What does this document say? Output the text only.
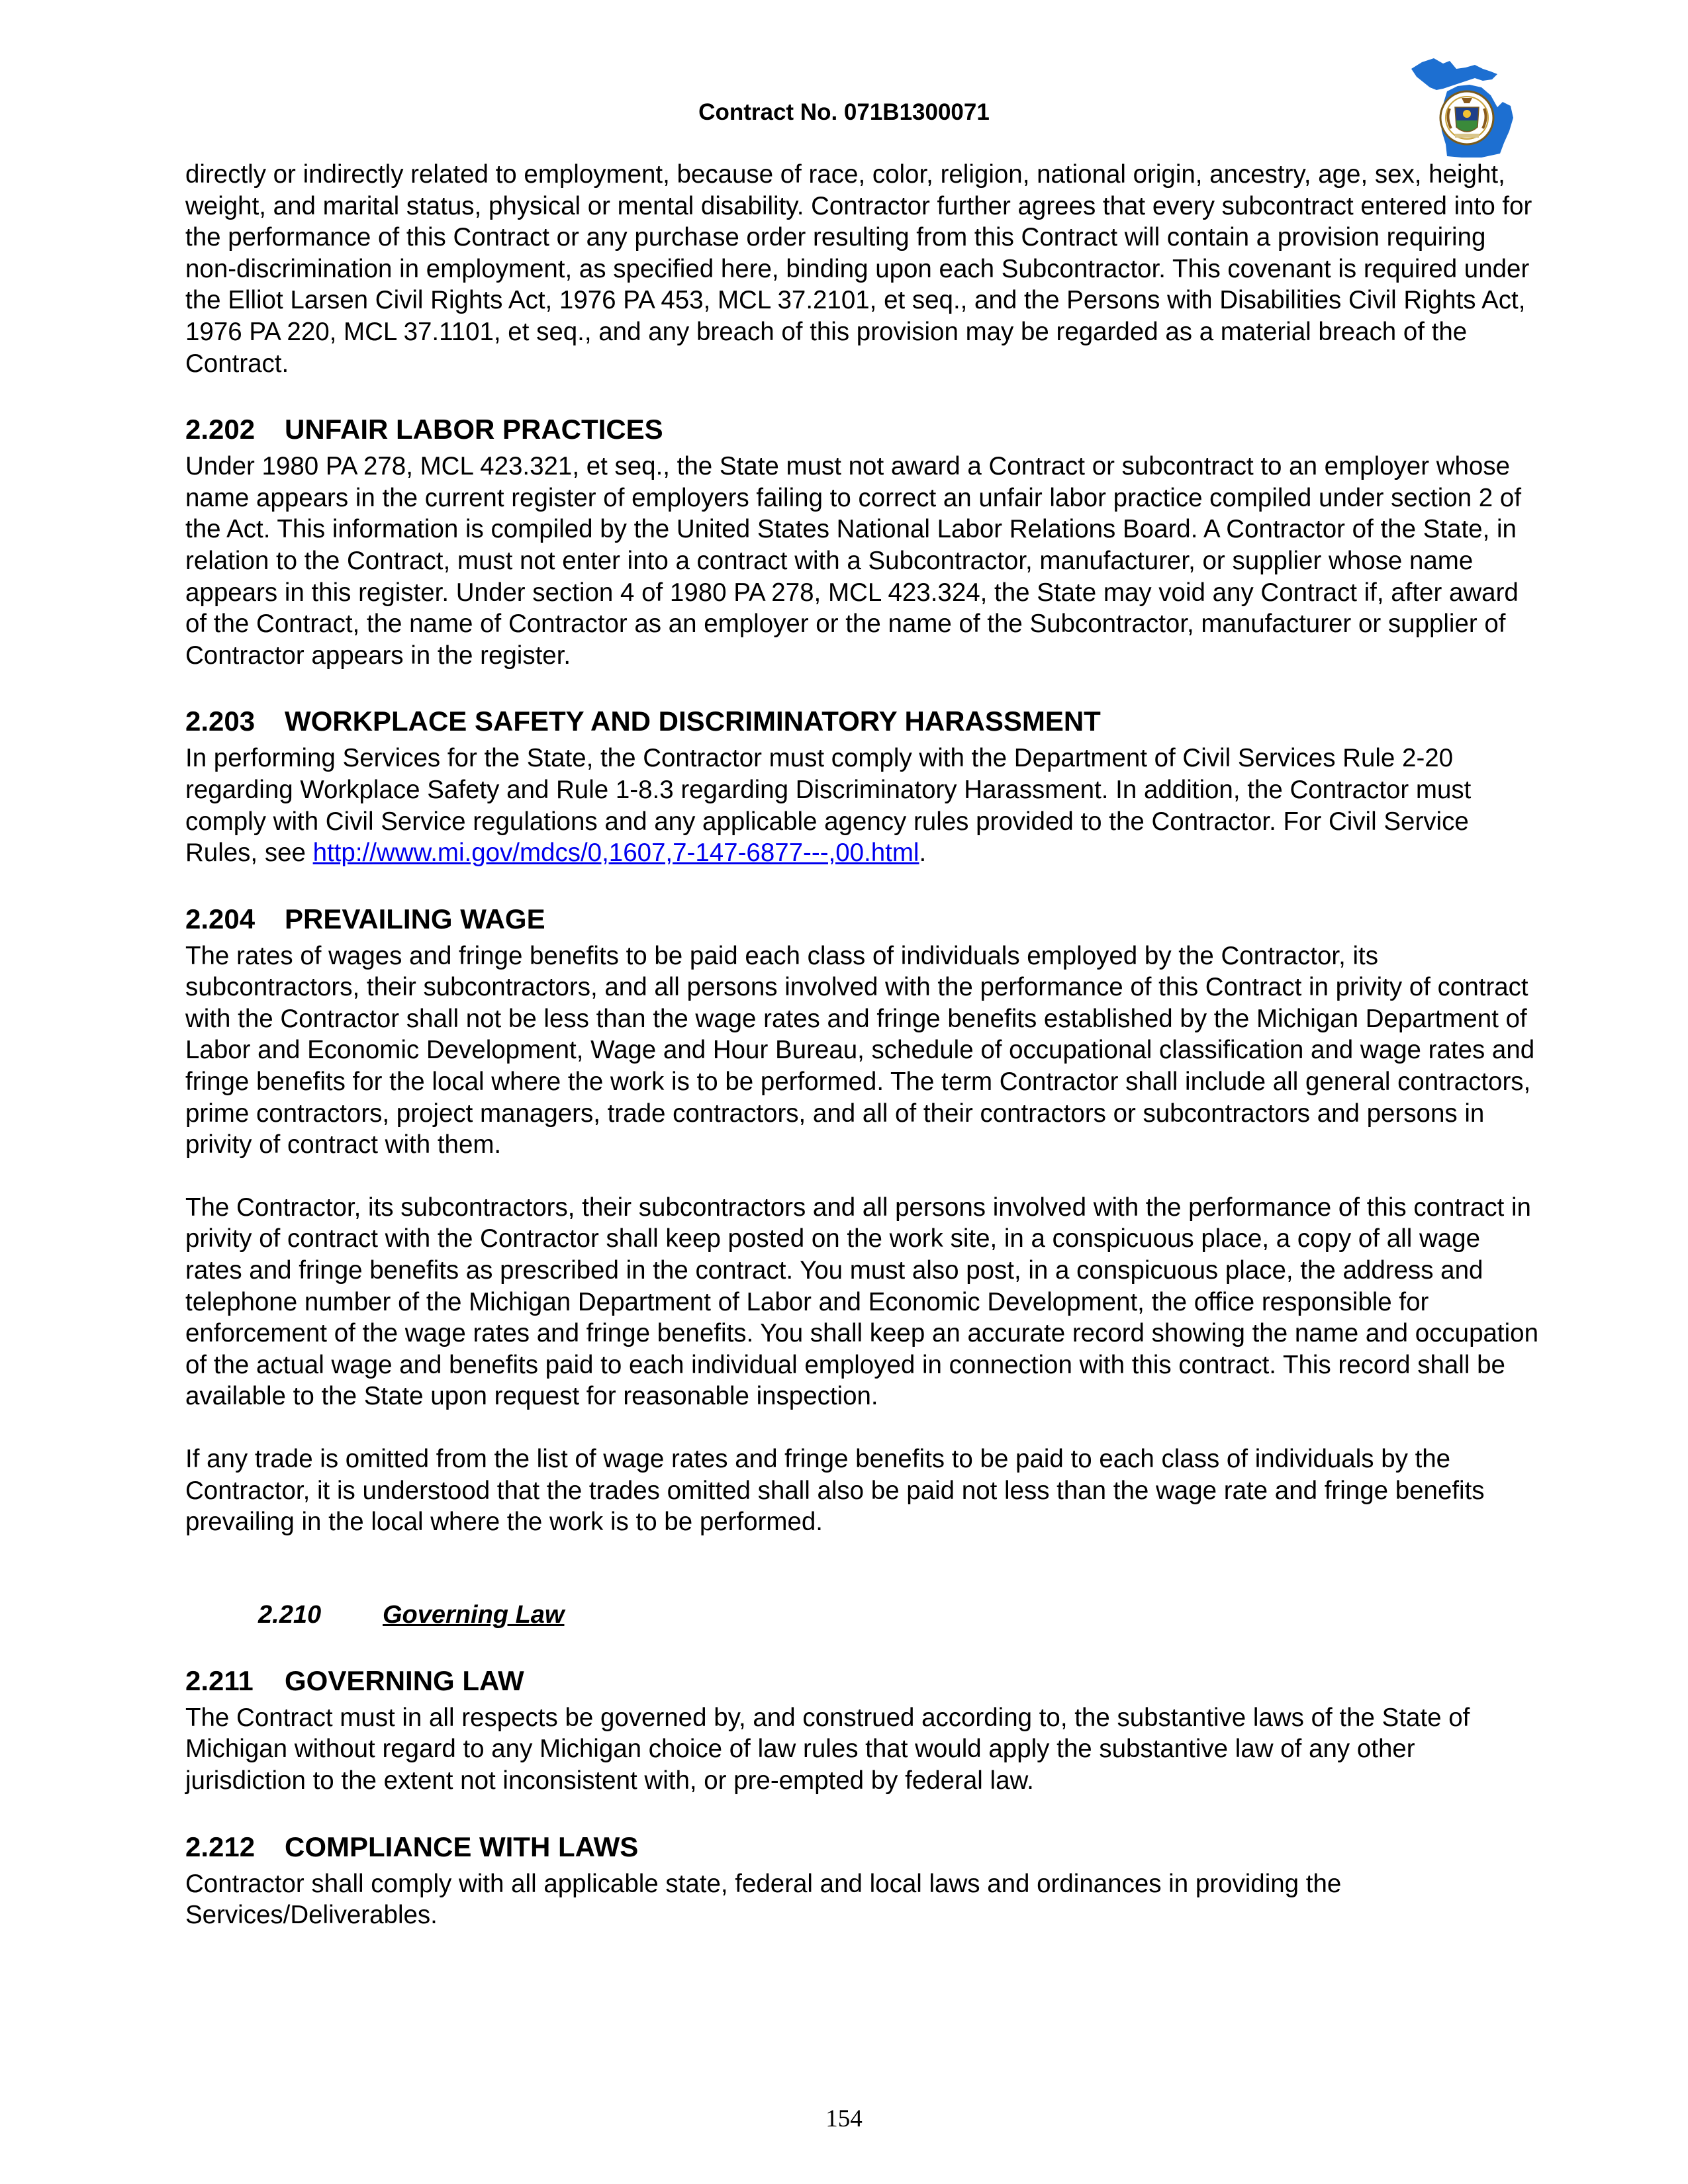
Contract No. 071B1300071

directly or indirectly related to employment, because of race, color, religion, national origin, ancestry, age, sex, height, weight, and marital status, physical or mental disability. Contractor further agrees that every subcontract entered into for the performance of this Contract or any purchase order resulting from this Contract will contain a provision requiring non-discrimination in employment, as specified here, binding upon each Subcontractor. This covenant is required under the Elliot Larsen Civil Rights Act, 1976 PA 453, MCL 37.2101, et seq., and the Persons with Disabilities Civil Rights Act, 1976 PA 220, MCL 37.1101, et seq., and any breach of this provision may be regarded as a material breach of the Contract.

2.202 UNFAIR LABOR PRACTICES

Under 1980 PA 278, MCL 423.321, et seq., the State must not award a Contract or subcontract to an employer whose name appears in the current register of employers failing to correct an unfair labor practice compiled under section 2 of the Act. This information is compiled by the United States National Labor Relations Board. A Contractor of the State, in relation to the Contract, must not enter into a contract with a Subcontractor, manufacturer, or supplier whose name appears in this register. Under section 4 of 1980 PA 278, MCL 423.324, the State may void any Contract if, after award of the Contract, the name of Contractor as an employer or the name of the Subcontractor, manufacturer or supplier of Contractor appears in the register.

2.203 WORKPLACE SAFETY AND DISCRIMINATORY HARASSMENT

In performing Services for the State, the Contractor must comply with the Department of Civil Services Rule 2-20 regarding Workplace Safety and Rule 1-8.3 regarding Discriminatory Harassment. In addition, the Contractor must comply with Civil Service regulations and any applicable agency rules provided to the Contractor. For Civil Service Rules, see http://www.mi.gov/mdcs/0,1607,7-147-6877---,00.html.

2.204 PREVAILING WAGE

The rates of wages and fringe benefits to be paid each class of individuals employed by the Contractor, its subcontractors, their subcontractors, and all persons involved with the performance of this Contract in privity of contract with the Contractor shall not be less than the wage rates and fringe benefits established by the Michigan Department of Labor and Economic Development, Wage and Hour Bureau, schedule of occupational classification and wage rates and fringe benefits for the local where the work is to be performed. The term Contractor shall include all general contractors, prime contractors, project managers, trade contractors, and all of their contractors or subcontractors and persons in privity of contract with them.

The Contractor, its subcontractors, their subcontractors and all persons involved with the performance of this contract in privity of contract with the Contractor shall keep posted on the work site, in a conspicuous place, a copy of all wage rates and fringe benefits as prescribed in the contract. You must also post, in a conspicuous place, the address and telephone number of the Michigan Department of Labor and Economic Development, the office responsible for enforcement of the wage rates and fringe benefits. You shall keep an accurate record showing the name and occupation of the actual wage and benefits paid to each individual employed in connection with this contract. This record shall be available to the State upon request for reasonable inspection.

If any trade is omitted from the list of wage rates and fringe benefits to be paid to each class of individuals by the Contractor, it is understood that the trades omitted shall also be paid not less than the wage rate and fringe benefits prevailing in the local where the work is to be performed.

2.210 Governing Law
2.211 GOVERNING LAW

The Contract must in all respects be governed by, and construed according to, the substantive laws of the State of Michigan without regard to any Michigan choice of law rules that would apply the substantive law of any other jurisdiction to the extent not inconsistent with, or pre-empted by federal law.

2.212 COMPLIANCE WITH LAWS

Contractor shall comply with all applicable state, federal and local laws and ordinances in providing the Services/Deliverables.

154
